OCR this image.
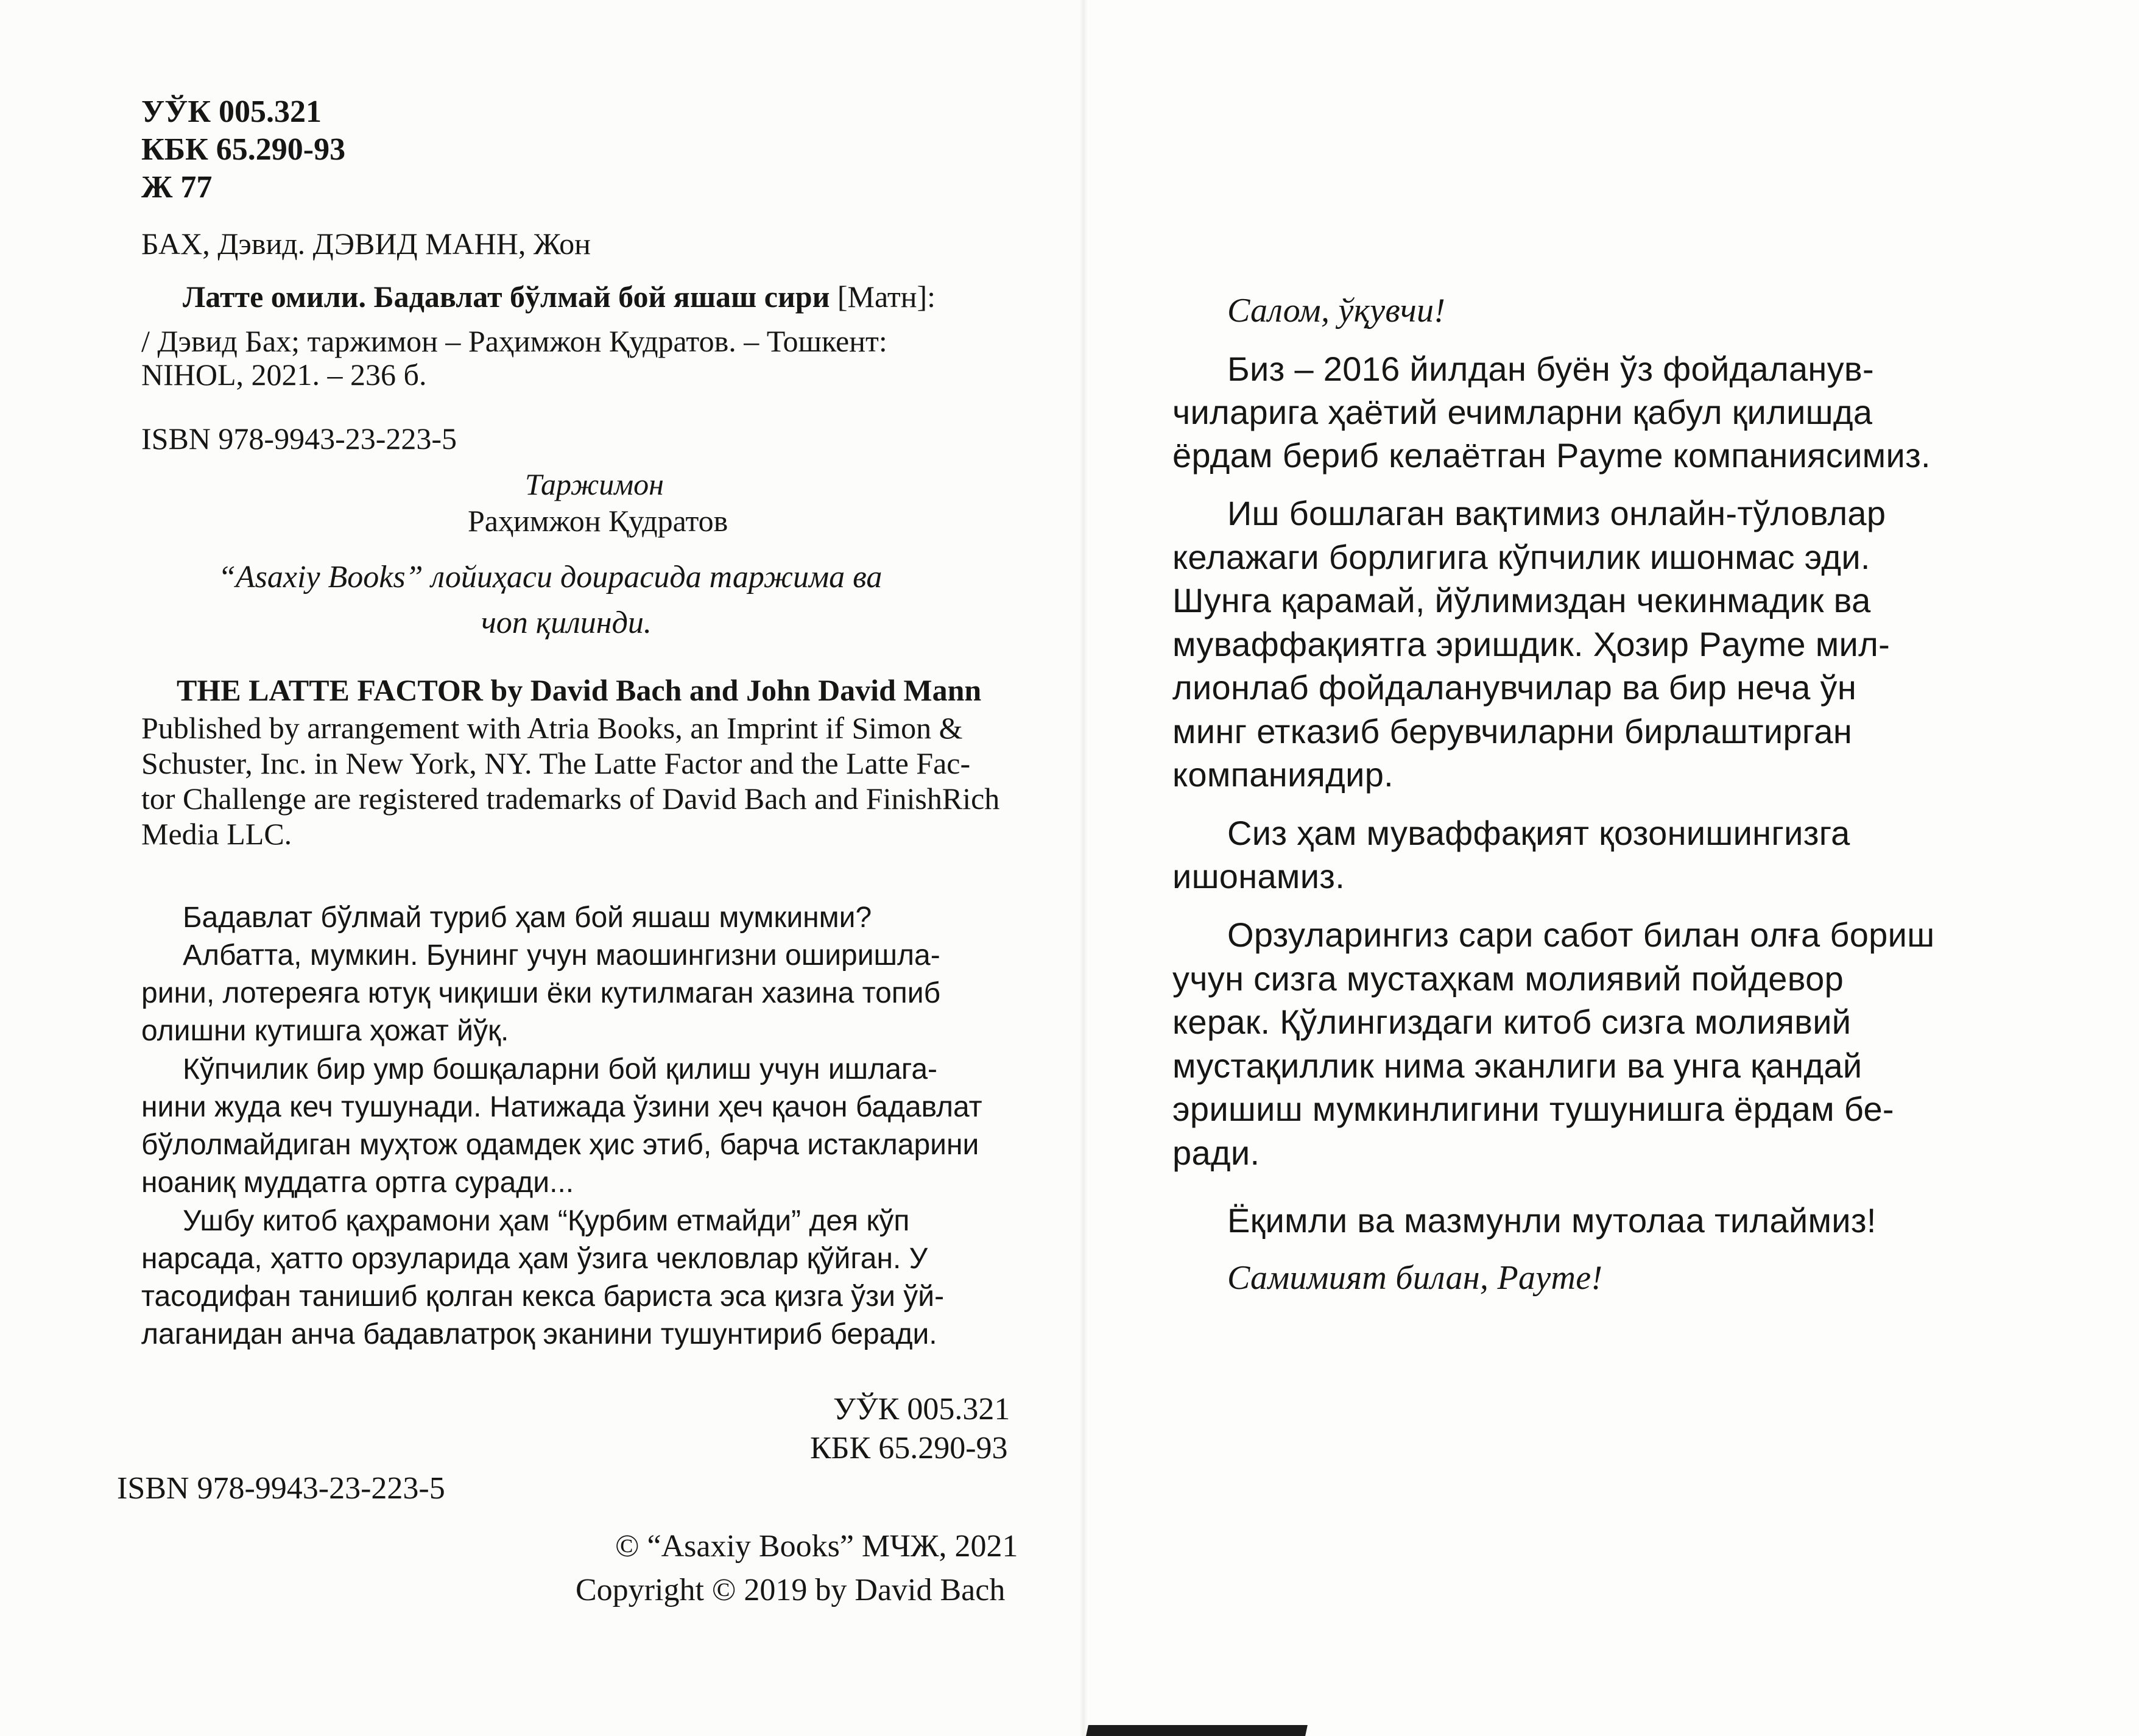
УЎК 005.321
КБК 65.290-93
Ж 77
БАХ, Дэвид. ДЭВИД МАНН, Жон
Латте омили. Бадавлат бўлмай бой яшаш сири [Матн]:
/ Дэвид Бах; таржимон – Раҳимжон Қудратов. – Тошкент:
NIHOL, 2021. – 236 б.
ISBN 978-9943-23-223-5
Таржимон
Раҳимжон Қудратов
“Asaxiy Books” лойиҳаси доирасида таржима ва
чоп қилинди.
THE LATTE FACTOR by David Bach and John David Mann
Published by arrangement with Atria Books, an Imprint if Simon &
Schuster, Inc. in New York, NY. The Latte Factor and the Latte Fac-
tor Challenge are registered trademarks of David Bach and FinishRich
Media LLC.
Бадавлат бўлмай туриб ҳам бой яшаш мумкинми?
Албатта, мумкин. Бунинг учун маошингизни оширишла-
рини, лотереяга ютуқ чиқиши ёки кутилмаган хазина топиб
олишни кутишга ҳожат йўқ.
Кўпчилик бир умр бошқаларни бой қилиш учун ишлага-
нини жуда кеч тушунади. Натижада ўзини ҳеч қачон бадавлат
бўлолмайдиган муҳтож одамдек ҳис этиб, барча истакларини
ноаниқ муддатга ортга суради...
Ушбу китоб қаҳрамони ҳам “Қурбим етмайди” дея кўп
нарсада, ҳатто орзуларида ҳам ўзига чекловлар қўйган. У
тасодифан танишиб қолган кекса бариста эса қизга ўзи ўй-
лаганидан анча бадавлатроқ эканини тушунтириб беради.
УЎК 005.321
КБК 65.290-93
ISBN 978-9943-23-223-5
© “Asaxiy Books” МЧЖ, 2021
Copyright © 2019 by David Bach
Салом, ўқувчи!
Биз – 2016 йилдан буён ўз фойдаланув-
чиларига ҳаётий ечимларни қабул қилишда
ёрдам бериб келаётган Payme компаниясимиз.
Иш бошлаган вақтимиз онлайн-тўловлар
келажаги борлигига кўпчилик ишонмас эди.
Шунга қарамай, йўлимиздан чекинмадик ва
муваффақиятга эришдик. Ҳозир Payme мил-
лионлаб фойдаланувчилар ва бир неча ўн
минг етказиб берувчиларни бирлаштирган
компаниядир.
Сиз ҳам муваффақият қозонишингизга
ишонамиз.
Орзуларингиз сари сабот билан олға бориш
учун сизга мустаҳкам молиявий пойдевор
керак. Қўлингиздаги китоб сизга молиявий
мустақиллик нима эканлиги ва унга қандай
эришиш мумкинлигини тушунишга ёрдам бе-
ради.
Ёқимли ва мазмунли мутолаа тилаймиз!
Самимият билан, Payme!
